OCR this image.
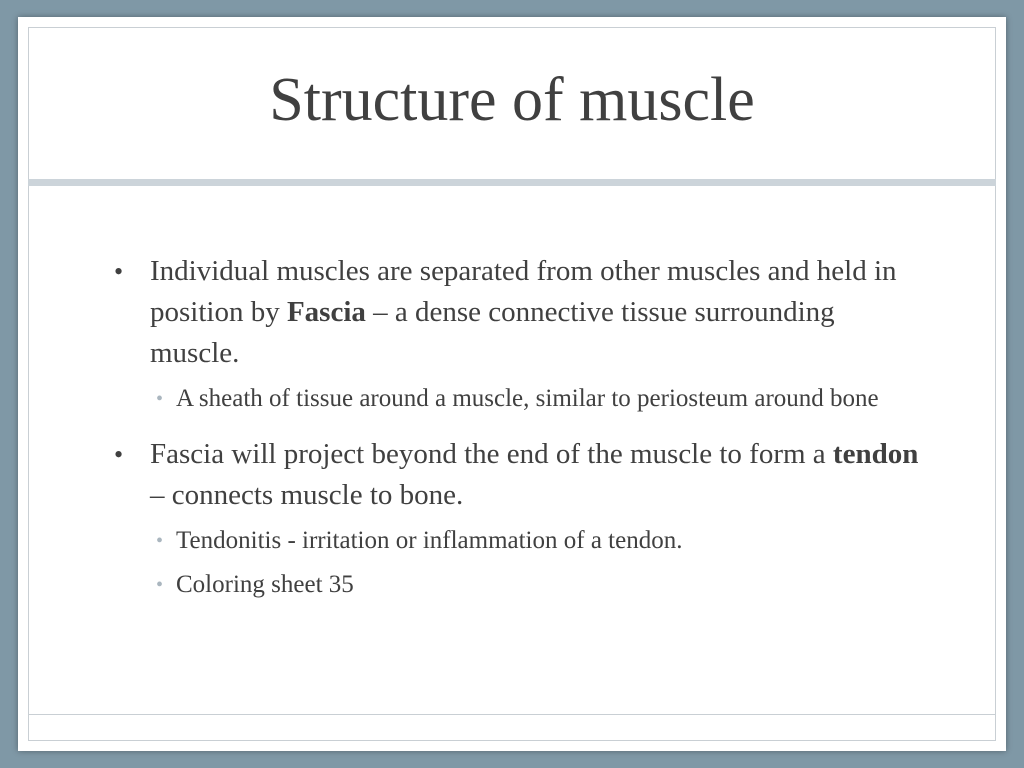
Structure of muscle
• Individual muscles are separated from other muscles and held in position by Fascia – a dense connective tissue surrounding muscle.
• A sheath of tissue around a muscle, similar to periosteum around bone
• Fascia will project beyond the end of the muscle to form a tendon – connects muscle to bone.
• Tendonitis - irritation or inflammation of a tendon.
• Coloring sheet 35
